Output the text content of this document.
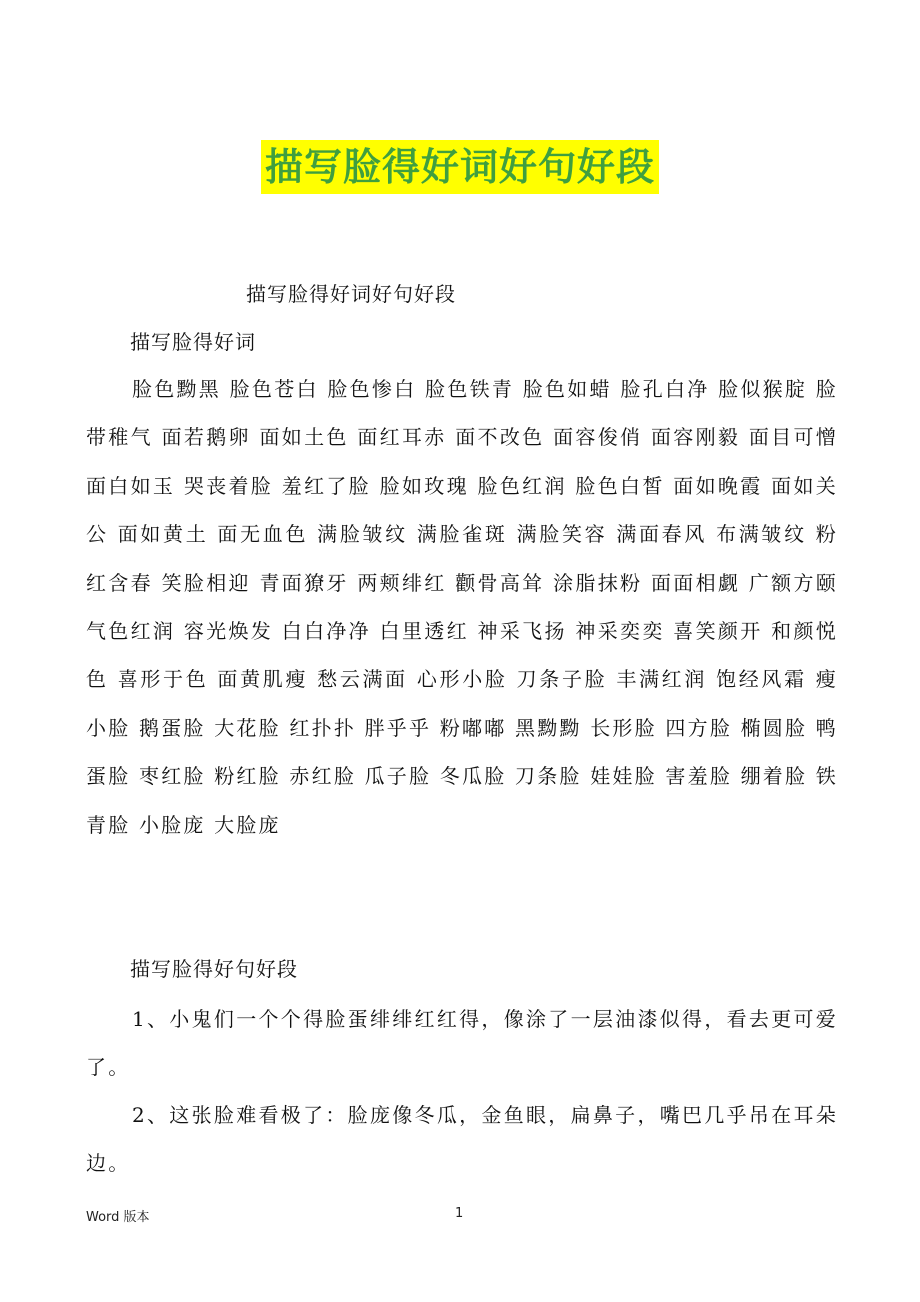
描写脸得好词好句好段
描写脸得好词好句好段
描写脸得好词

脸色黝黑 脸色苍白 脸色惨白 脸色铁青 脸色如蜡 脸孔白净 脸似猴腚 脸带稚气 面若鹅卵 面如土色 面红耳赤 面不改色 面容俊俏 面容刚毅 面目可憎 面白如玉 哭丧着脸 羞红了脸 脸如玫瑰 脸色红润 脸色白皙 面如晚霞 面如关公 面如黄土 面无血色 满脸皱纹 满脸雀斑 满脸笑容 满面春风 布满皱纹 粉红含春 笑脸相迎 青面獠牙 两颊绯红 颧骨高耸 涂脂抹粉 面面相觑 广额方颐 气色红润 容光焕发 白白净净 白里透红 神采飞扬 神采奕奕 喜笑颜开 和颜悦色 喜形于色 面黄肌瘦 愁云满面 心形小脸 刀条子脸 丰满红润 饱经风霜 瘦小脸 鹅蛋脸 大花脸 红扑扑 胖乎乎 粉嘟嘟 黑黝黝 长形脸 四方脸 椭圆脸 鸭蛋脸 枣红脸 粉红脸 赤红脸 瓜子脸 冬瓜脸 刀条脸 娃娃脸 害羞脸 绷着脸 铁青脸 小脸庞 大脸庞

描写脸得好句好段

1、小鬼们一个个得脸蛋绯绯红红得，像涂了一层油漆似得，看去更可爱了。

2、这张脸难看极了：脸庞像冬瓜，金鱼眼，扁鼻子，嘴巴几乎吊在耳朵边。

Word 版本	1
